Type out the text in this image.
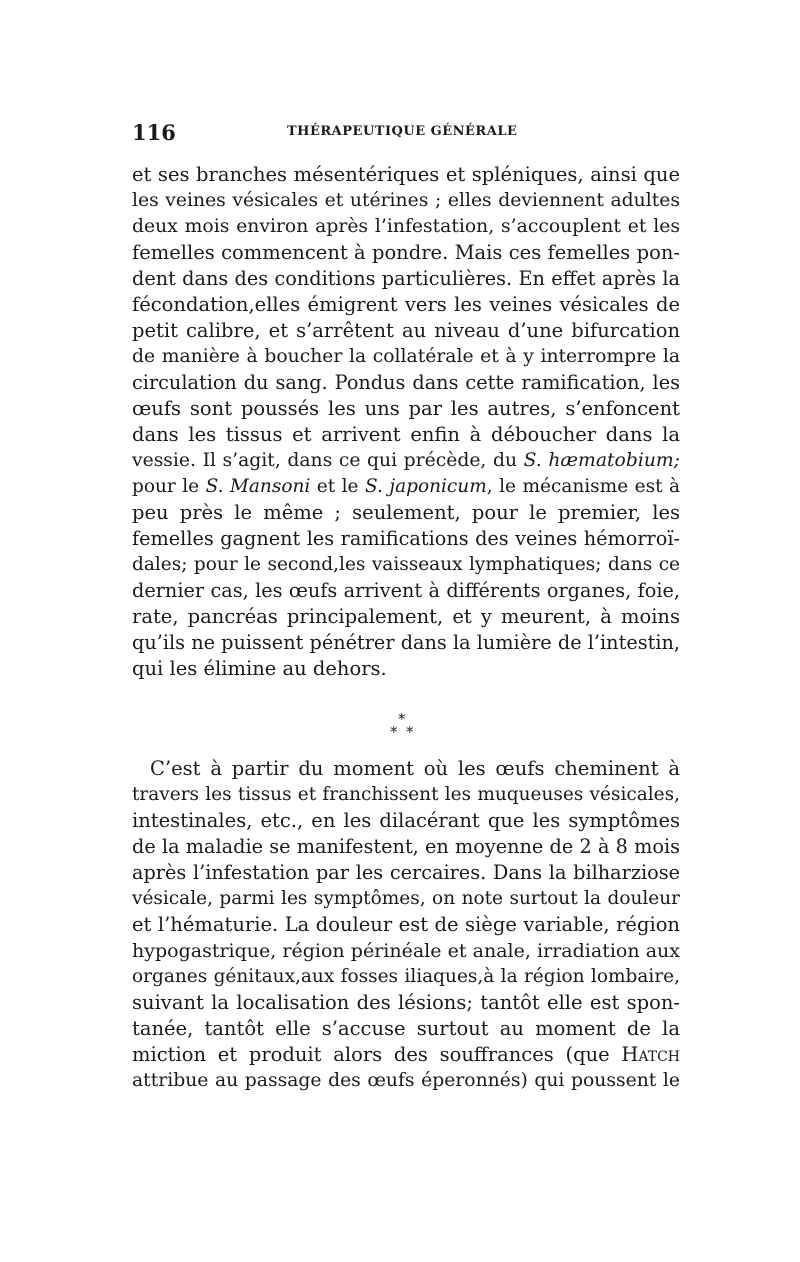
116	THÉRAPEUTIQUE GÉNÉRALE
et ses branches mésentériques et spléniques, ainsi que
les veines vésicales et utérines ; elles deviennent adultes
deux mois environ après l’infestation, s’accouplent et les
femelles commencent à pondre. Mais ces femelles pon-
dent dans des conditions particulières. En effet après la
fécondation,elles émigrent vers les veines vésicales de
petit calibre, et s’arrêtent au niveau d’une bifurcation
de manière à boucher la collatérale et à y interrompre la
circulation du sang. Pondus dans cette ramification, les
œufs sont poussés les uns par les autres, s’enfoncent
dans les tissus et arrivent enfin à déboucher dans la
vessie. Il s’agit, dans ce qui précède, du S. hæmatobium;
pour le S. Mansoni et le S. japonicum, le mécanisme est à
peu près le même ; seulement, pour le premier, les
femelles gagnent les ramifications des veines hémorroï-
dales; pour le second,les vaisseaux lymphatiques; dans ce
dernier cas, les œufs arrivent à différents organes, foie,
rate, pancréas principalement, et y meurent, à moins
qu’ils ne puissent pénétrer dans la lumière de l’intestin,
qui les élimine au dehors.
*
* *
C’est à partir du moment où les œufs cheminent à
travers les tissus et franchissent les muqueuses vésicales,
intestinales, etc., en les dilacérant que les symptômes
de la maladie se manifestent, en moyenne de 2 à 8 mois
après l’infestation par les cercaires. Dans la bilharziose
vésicale, parmi les symptômes, on note surtout la douleur
et l’hématurie. La douleur est de siège variable, région
hypogastrique, région périnéale et anale, irradiation aux
organes génitaux,aux fosses iliaques,à la région lombaire,
suivant la localisation des lésions; tantôt elle est spon-
tanée, tantôt elle s’accuse surtout au moment de la
miction et produit alors des souffrances (que Hatch
attribue au passage des œufs éperonnés) qui poussent le
